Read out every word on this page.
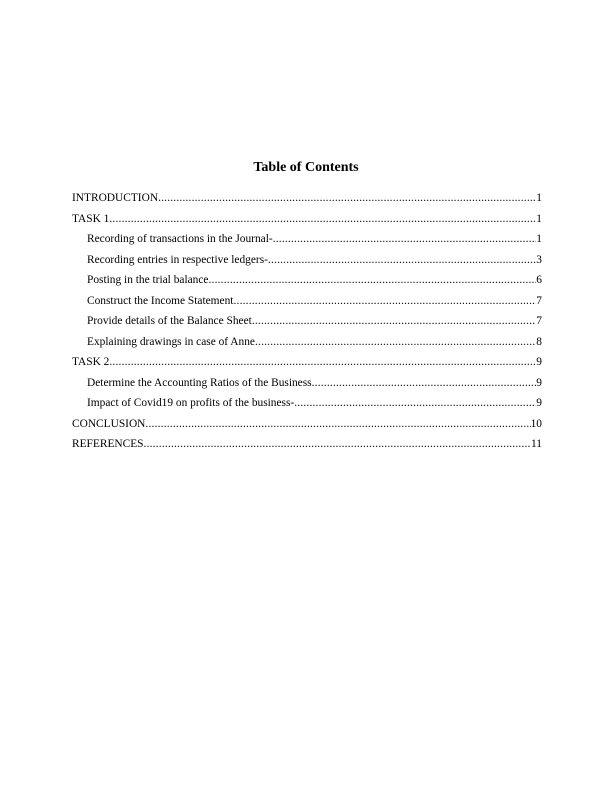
Table of Contents
INTRODUCTION .....	1
TASK 1 .....	1
Recording of transactions in the Journal- .....	1
Recording entries in respective ledgers- .....	3
Posting in the trial balance .....	6
Construct the Income Statement .....	7
Provide details of the Balance Sheet .....	7
Explaining drawings in case of Anne .....	8
TASK 2 .....	9
Determine the Accounting Ratios of the Business .....	9
Impact of Covid19 on profits of the business- .....	9
CONCLUSION .....	10
REFERENCES .....	11
